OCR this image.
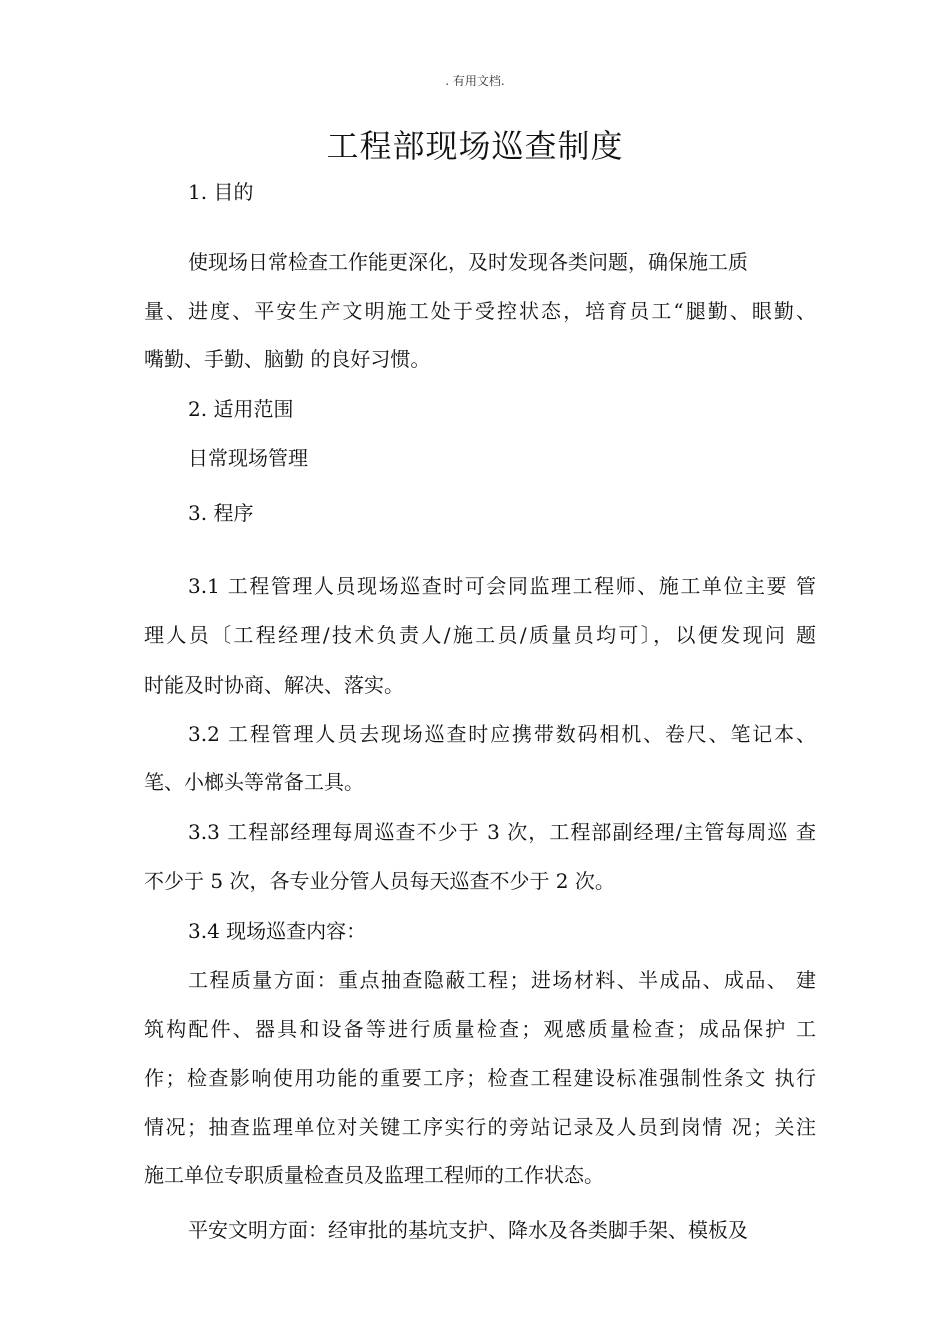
. 有用文档.
工程部现场巡查制度
1. 目的
使现场日常检查工作能更深化，及时发现各类问题，确保施工质
量、进度、平安生产文明施工处于受控状态，培育员工“腿勤、眼勤、
嘴勤、手勤、脑勤 的良好习惯。
2. 适用范围
日常现场管理
3. 程序
3.1 工程管理人员现场巡查时可会同监理工程师、施工单位主要 管
理人员〔工程经理/技术负责人/施工员/质量员均可〕，以便发现问 题
时能及时协商、解决、落实。
3.2 工程管理人员去现场巡查时应携带数码相机、卷尺、笔记本、
笔、小榔头等常备工具。
3.3 工程部经理每周巡查不少于 3 次，工程部副经理/主管每周巡 查
不少于 5 次，各专业分管人员每天巡查不少于 2 次。
3.4 现场巡查内容：
工程质量方面：重点抽查隐蔽工程；进场材料、半成品、成品、 建
筑构配件、器具和设备等进行质量检查；观感质量检查；成品保护 工
作；检查影响使用功能的重要工序；检查工程建设标准强制性条文 执行
情况；抽查监理单位对关键工序实行的旁站记录及人员到岗情 况；关注
施工单位专职质量检查员及监理工程师的工作状态。
平安文明方面：经审批的基坑支护、降水及各类脚手架、模板及
